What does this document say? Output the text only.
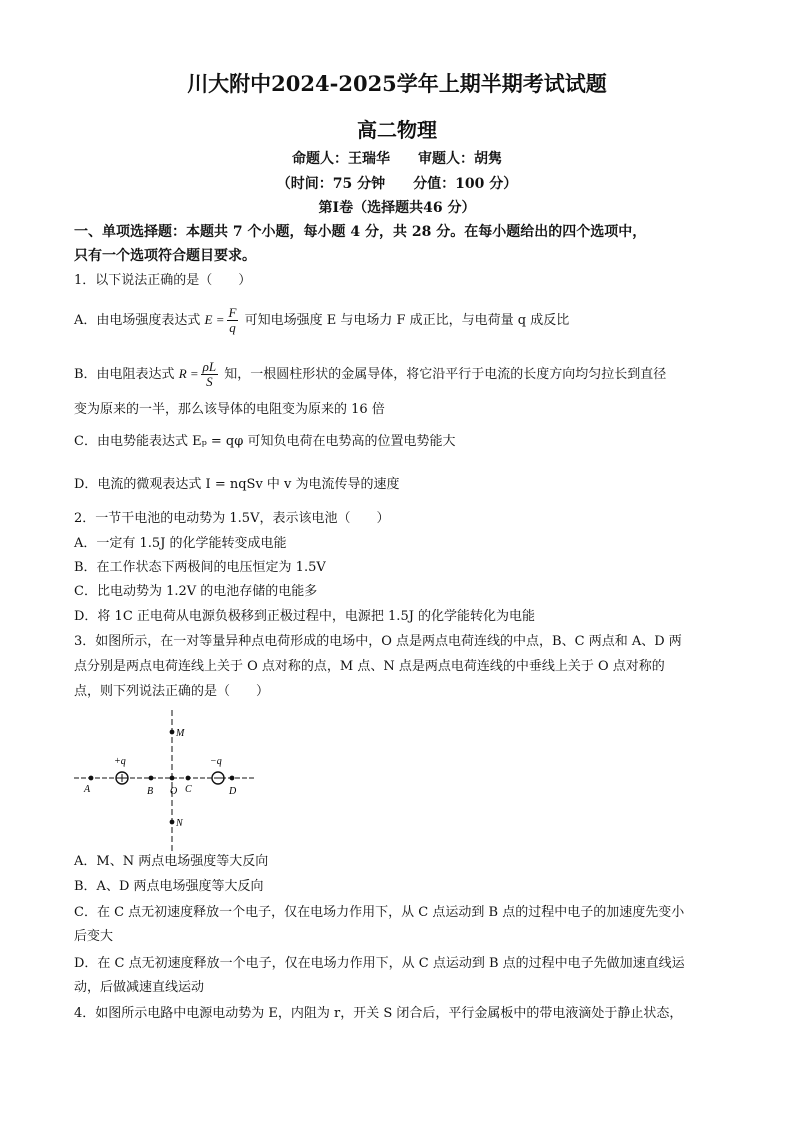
川大附中2024-2025学年上期半期考试试题
高二物理
命题人：王瑞华　　审题人：胡隽
（时间：75 分钟　　分值：100 分）
第Ⅰ卷（选择题共46 分）
一、单项选择题：本题共 7 个小题，每小题 4 分，共 28 分。在每小题给出的四个选项中，
只有一个选项符合题目要求。
1．以下说法正确的是（　　）
A．由电场强度表达式 $E = \frac{F}{q}$ 可知电场强度 E 与电场力 F 成正比，与电荷量 q 成反比
B．由电阻表达式 $R = \frac{\rho L}{S}$ 知，一根圆柱形状的金属导体，将它沿平行于电流的长度方向均匀拉长到直径
变为原来的一半，那么该导体的电阻变为原来的 16 倍
C．由电势能表达式 Eₚ = qφ 可知负电荷在电势高的位置电势能大
D．电流的微观表达式 I = nqSv 中 v 为电流传导的速度
2．一节干电池的电动势为 1.5V，表示该电池（　　）
A．一定有 1.5J 的化学能转变成电能
B．在工作状态下两极间的电压恒定为 1.5V
C．比电动势为 1.2V 的电池存储的电能多
D．将 1C 正电荷从电源负极移到正极过程中，电源把 1.5J 的化学能转化为电能
3．如图所示，在一对等量异种点电荷形成的电场中，O 点是两点电荷连线的中点，B、C 两点和 A、D 两
点分别是两点电荷连线上关于 O 点对称的点，M 点、N 点是两点电荷连线的中垂线上关于 O 点对称的
点，则下列说法正确的是（　　）
M
N
A	B O C	D
+q	−q
A．M、N 两点电场强度等大反向
B．A、D 两点电场强度等大反向
C．在 C 点无初速度释放一个电子，仅在电场力作用下，从 C 点运动到 B 点的过程中电子的加速度先变小
后变大
D．在 C 点无初速度释放一个电子，仅在电场力作用下，从 C 点运动到 B 点的过程中电子先做加速直线运
动，后做减速直线运动
4．如图所示电路中电源电动势为 E，内阻为 r，开关 S 闭合后，平行金属板中的带电液滴处于静止状态，
